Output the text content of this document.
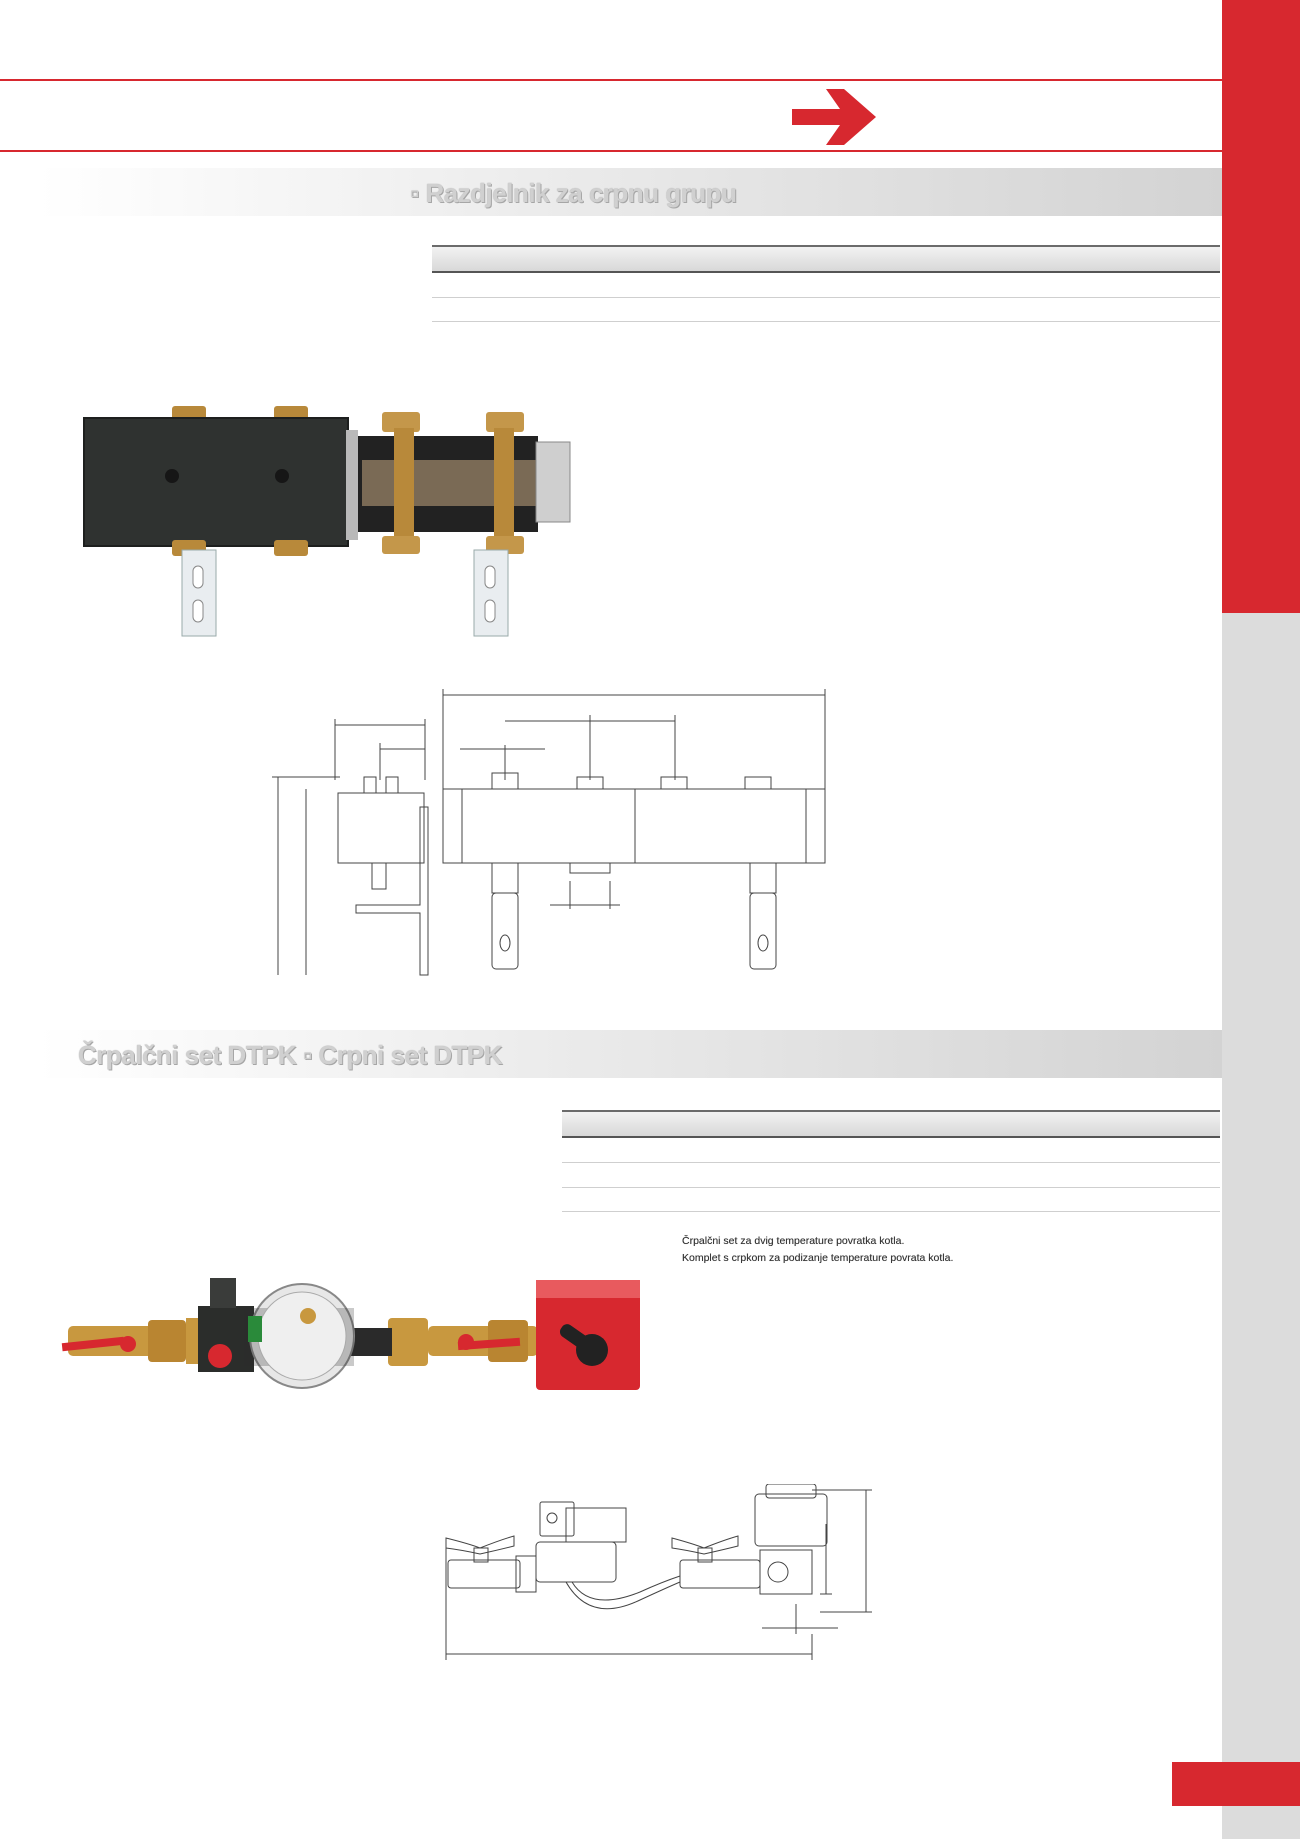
▫ Razdjelnik za crpnu grupu
Črpalčni set DTPK ▫ Crpni set DTPK
Črpalčni set za dvig temperature povratka kotla.
Komplet s crpkom za podizanje temperature povrata kotla.
